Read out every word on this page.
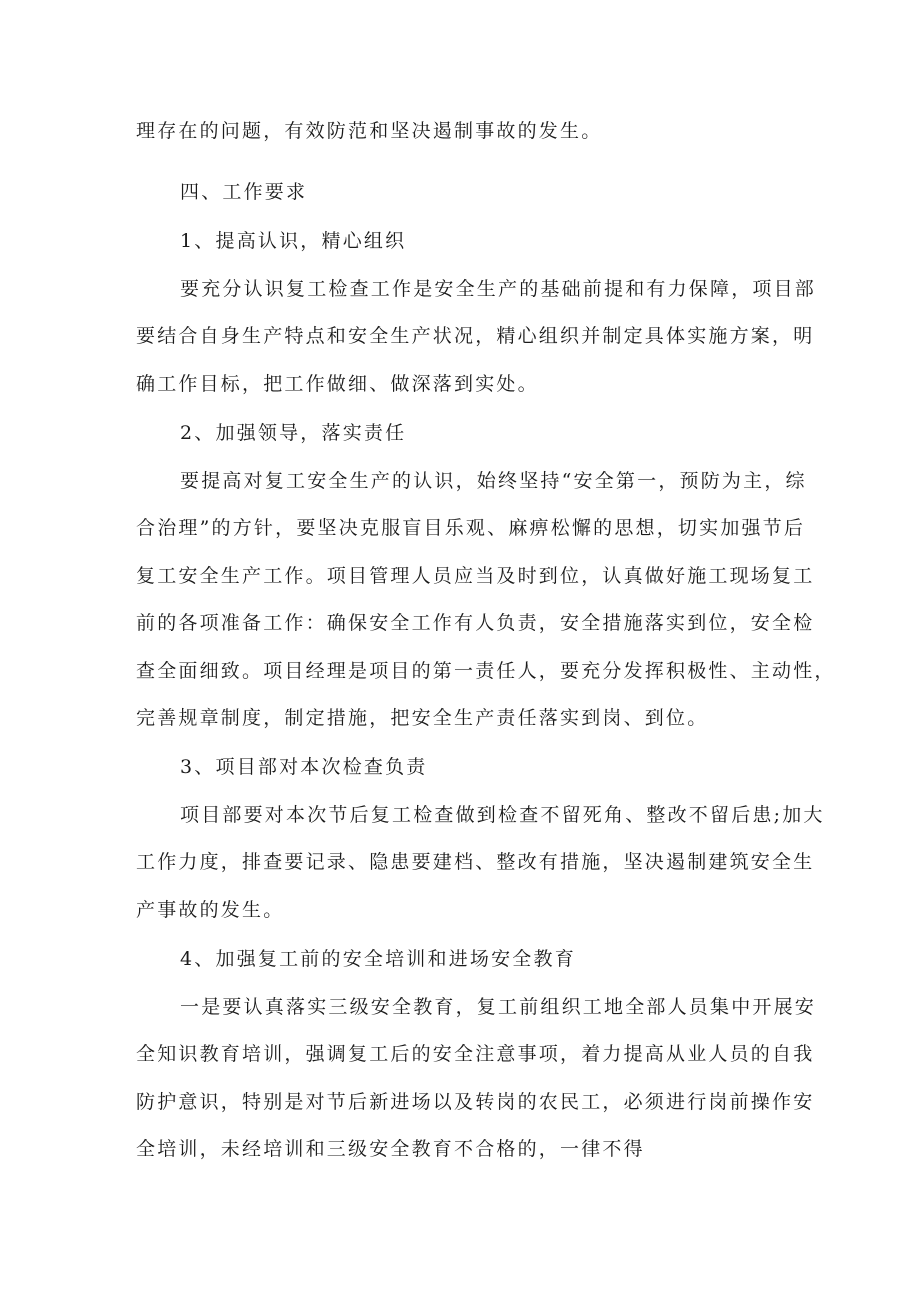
理存在的问题，有效防范和坚决遏制事故的发生。
四、工作要求
1、提高认识，精心组织
要充分认识复工检查工作是安全生产的基础前提和有力保障，项目部
要结合自身生产特点和安全生产状况，精心组织并制定具体实施方案，明
确工作目标，把工作做细、做深落到实处。
2、加强领导，落实责任
要提高对复工安全生产的认识，始终坚持“安全第一，预防为主，综
合治理”的方针，要坚决克服盲目乐观、麻痹松懈的思想，切实加强节后
复工安全生产工作。项目管理人员应当及时到位，认真做好施工现场复工
前的各项准备工作：确保安全工作有人负责，安全措施落实到位，安全检
查全面细致。项目经理是项目的第一责任人，要充分发挥积极性、主动性，
完善规章制度，制定措施，把安全生产责任落实到岗、到位。
3、项目部对本次检查负责
项目部要对本次节后复工检查做到检查不留死角、整改不留后患;加大
工作力度，排查要记录、隐患要建档、整改有措施，坚决遏制建筑安全生
产事故的发生。
4、加强复工前的安全培训和进场安全教育
一是要认真落实三级安全教育，复工前组织工地全部人员集中开展安
全知识教育培训，强调复工后的安全注意事项，着力提高从业人员的自我
防护意识，特别是对节后新进场以及转岗的农民工，必须进行岗前操作安
全培训，未经培训和三级安全教育不合格的，一律不得
